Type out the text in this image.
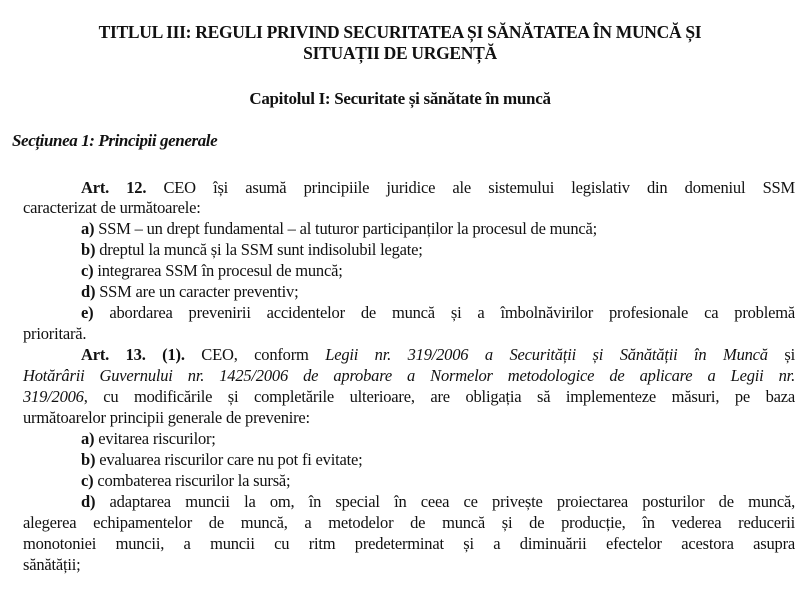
TITLUL III: REGULI PRIVIND SECURITATEA ȘI SĂNĂTATEA ÎN MUNCĂ ȘI
SITUAȚII DE URGENȚĂ
Capitolul I: Securitate și sănătate în muncă
Secțiunea 1: Principii generale
Art. 12. CEO își asumă principiile juridice ale sistemului legislativ din domeniul SSM
caracterizat de următoarele:
a) SSM – un drept fundamental – al tuturor participanților la procesul de muncă;
b) dreptul la muncă și la SSM sunt indisolubil legate;
c) integrarea SSM în procesul de muncă;
d) SSM are un caracter preventiv;
e) abordarea prevenirii accidentelor de muncă și a îmbolnăvirilor profesionale ca problemă
prioritară.
Art. 13. (1). CEO, conform Legii nr. 319/2006 a Securității și Sănătății în Muncă și
Hotărârii Guvernului nr. 1425/2006 de aprobare a Normelor metodologice de aplicare a Legii nr.
319/2006, cu modificările și completările ulterioare, are obligația să implementeze măsuri, pe baza
următoarelor principii generale de prevenire:
a) evitarea riscurilor;
b) evaluarea riscurilor care nu pot fi evitate;
c) combaterea riscurilor la sursă;
d) adaptarea muncii la om, în special în ceea ce privește proiectarea posturilor de muncă,
alegerea echipamentelor de muncă, a metodelor de muncă și de producție, în vederea reducerii
monotoniei muncii, a muncii cu ritm predeterminat și a diminuării efectelor acestora asupra
sănătății;
